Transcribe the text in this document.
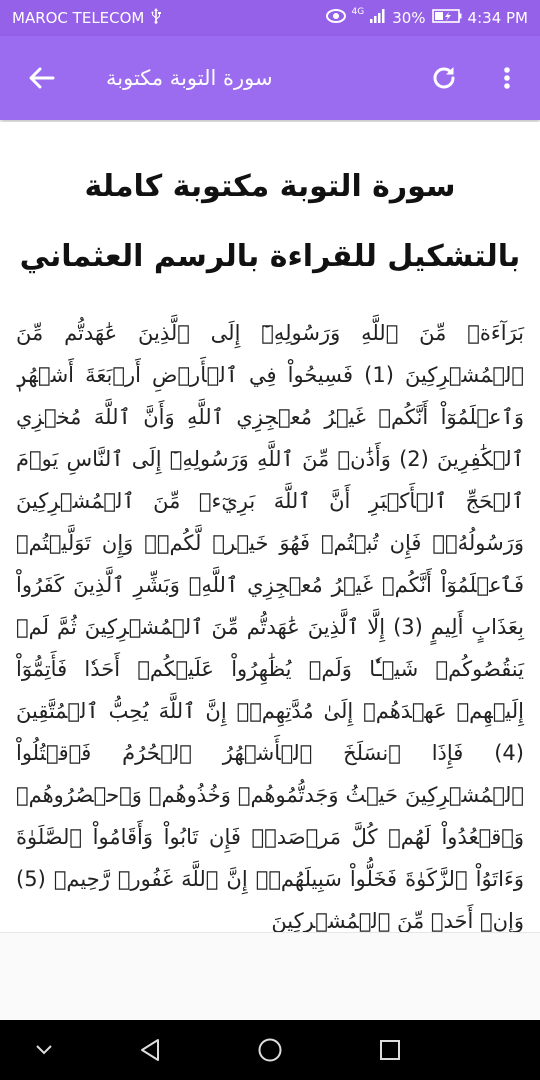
MAROC TELECOM	4G 30%	4:34 PM
سورة التوبة مكتوبة
سورة التوبة مكتوبة كاملة بالتشكيل للقراءة بالرسم العثماني
بَرَآءَةٞ مِّنَ ٱللَّهِ وَرَسُولِهِۦٓ إِلَى ٱلَّذِينَ عَٰهَدتُّم مِّنَ ٱلۡمُشۡرِكِينَ (1) فَسِيحُواْ فِي ٱلۡأَرۡضِ أَرۡبَعَةَ أَشۡهُرٖ وَٱعۡلَمُوٓاْ أَنَّكُمۡ غَيۡرُ مُعۡجِزِي ٱللَّهِ وَأَنَّ ٱللَّهَ مُخۡزِي ٱلۡكَٰفِرِينَ (2) وَأَذَٰنٞ مِّنَ ٱللَّهِ وَرَسُولِهِۦٓ إِلَى ٱلنَّاسِ يَوۡمَ ٱلۡحَجِّ ٱلۡأَكۡبَرِ أَنَّ ٱللَّهَ بَرِيٓءٞ مِّنَ ٱلۡمُشۡرِكِينَ وَرَسُولُهُۥۚ فَإِن تُبۡتُمۡ فَهُوَ خَيۡرٞ لَّكُمۡۖ وَإِن تَوَلَّيۡتُمۡ فَٱعۡلَمُوٓاْ أَنَّكُمۡ غَيۡرُ مُعۡجِزِي ٱللَّهِۗ وَبَشِّرِ ٱلَّذِينَ كَفَرُواْ بِعَذَابٍ أَلِيمٍ (3) إِلَّا ٱلَّذِينَ عَٰهَدتُّم مِّنَ ٱلۡمُشۡرِكِينَ ثُمَّ لَمۡ يَنقُصُوكُمۡ شَيۡـٔٗا وَلَمۡ يُظَٰهِرُواْ عَلَيۡكُمۡ أَحَدٗا فَأَتِمُّوٓاْ إِلَيۡهِمۡ عَهۡدَهُمۡ إِلَىٰ مُدَّتِهِمۡۚ إِنَّ ٱللَّهَ يُحِبُّ ٱلۡمُتَّقِينَ (4) فَإِذَا ٱنسَلَخَ ٱلۡأَشۡهُرُ ٱلۡحُرُمُ فَٱقۡتُلُواْ ٱلۡمُشۡرِكِينَ حَيۡثُ وَجَدتُّمُوهُمۡ وَخُذُوهُمۡ وَٱحۡصُرُوهُمۡ وَٱقۡعُدُواْ لَهُمۡ كُلَّ مَرۡصَدٖۚ فَإِن تَابُواْ وَأَقَامُواْ ٱلصَّلَوٰةَ وَءَاتَوُاْ ٱلزَّكَوٰةَ فَخَلُّواْ سَبِيلَهُمۡۚ إِنَّ ٱللَّهَ غَفُورٞ رَّحِيمٞ (5) وَإِنۡ أَحَدٞ مِّنَ ٱلۡمُشۡرِكِينَ
